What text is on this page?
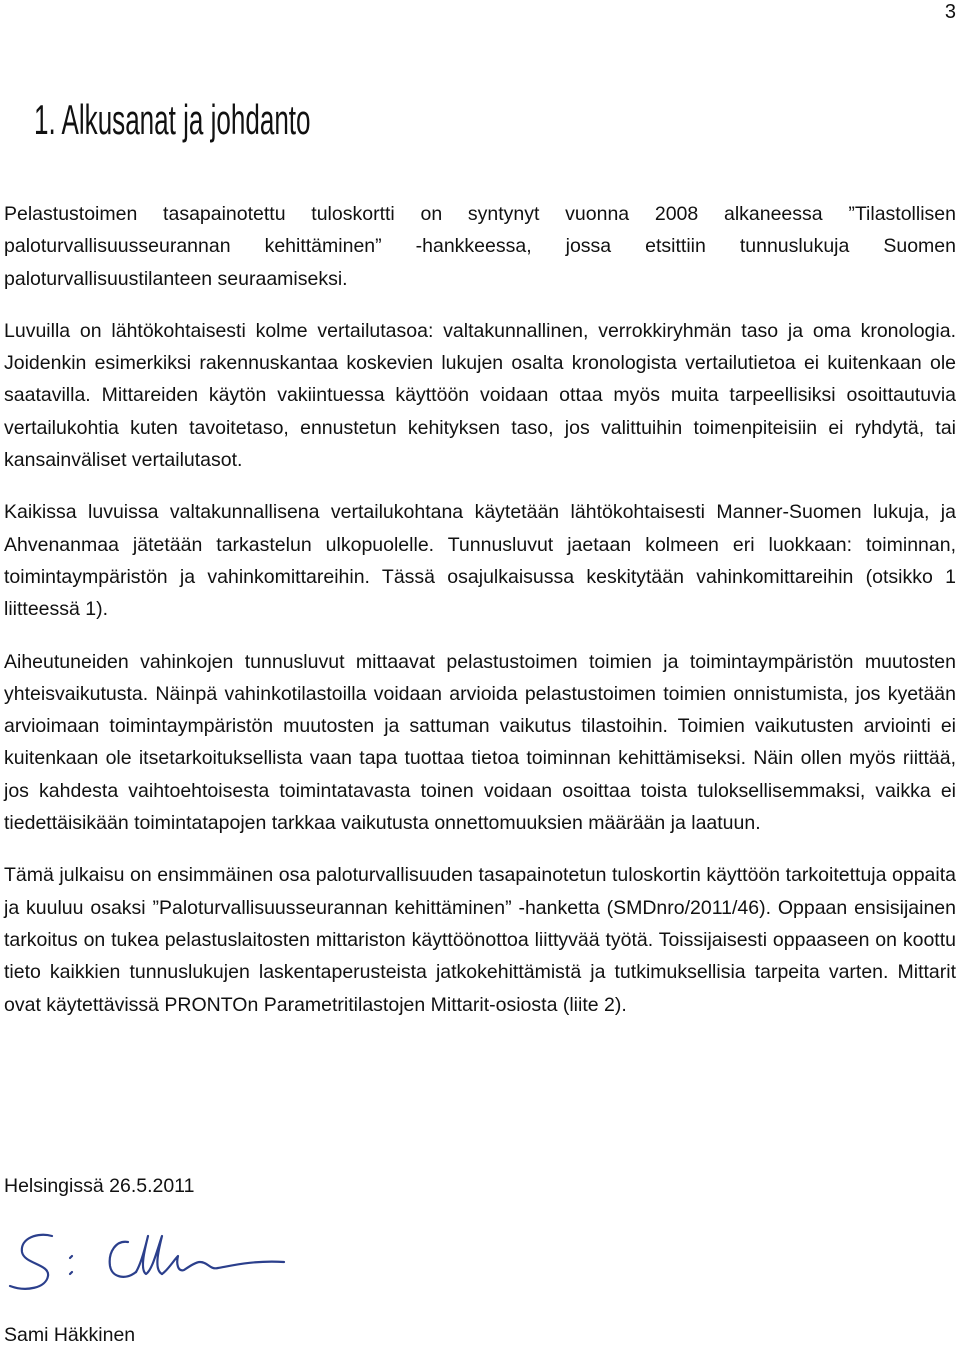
3
1. Alkusanat ja johdanto

Pelastustoimen tasapainotettu tuloskortti on syntynyt vuonna 2008 alkaneessa ”Tilastollisen paloturvallisuusseurannan kehittäminen” -hankkeessa, jossa etsittiin tunnuslukuja Suomen paloturvallisuustilanteen seuraamiseksi.

Luvuilla on lähtökohtaisesti kolme vertailutasoa: valtakunnallinen, verrokkiryhmän taso ja oma kronologia. Joidenkin esimerkiksi rakennuskantaa koskevien lukujen osalta kronologista vertailutietoa ei kuitenkaan ole saatavilla. Mittareiden käytön vakiintuessa käyttöön voidaan ottaa myös muita tarpeellisiksi osoittautuvia vertailukohtia kuten tavoitetaso, ennustetun kehityksen taso, jos valittuihin toimenpiteisiin ei ryhdytä, tai kansainväliset vertailutasot.

Kaikissa luvuissa valtakunnallisena vertailukohtana käytetään lähtökohtaisesti Manner-Suomen lukuja, ja Ahvenanmaa jätetään tarkastelun ulkopuolelle. Tunnusluvut jaetaan kolmeen eri luokkaan: toiminnan, toimintaympäristön ja vahinkomittareihin. Tässä osajulkaisussa keskitytään vahinkomittareihin (otsikko 1 liitteessä 1).

Aiheutuneiden vahinkojen tunnusluvut mittaavat pelastustoimen toimien ja toimintaympäristön muutosten yhteisvaikutusta. Näinpä vahinkotilastoilla voidaan arvioida pelastustoimen toimien onnistumista, jos kyetään arvioimaan toimintaympäristön muutosten ja sattuman vaikutus tilastoihin. Toimien vaikutusten arviointi ei kuitenkaan ole itsetarkoituksellista vaan tapa tuottaa tietoa toiminnan kehittämiseksi. Näin ollen myös riittää, jos kahdesta vaihtoehtoisesta toimintatavasta toinen voidaan osoittaa toista tuloksellisemmaksi, vaikka ei tiedettäisikään toimintatapojen tarkkaa vaikutusta onnettomuuksien määrään ja laatuun.

Tämä julkaisu on ensimmäinen osa paloturvallisuuden tasapainotetun tuloskortin käyttöön tarkoitettuja oppaita ja kuuluu osaksi ”Paloturvallisuusseurannan kehittäminen” -hanketta (SMDnro/2011/46). Oppaan ensisijainen tarkoitus on tukea pelastuslaitosten mittariston käyttöönottoa liittyvää työtä. Toissijaisesti oppaaseen on koottu tieto kaikkien tunnuslukujen laskentaperusteista jatkokehittämistä ja tutkimuksellisia tarpeita varten. Mittarit ovat käytettävissä PRONTOn Parametritilastojen Mittarit-osiosta (liite 2).

Helsingissä 26.5.2011
Sami Häkkinen
